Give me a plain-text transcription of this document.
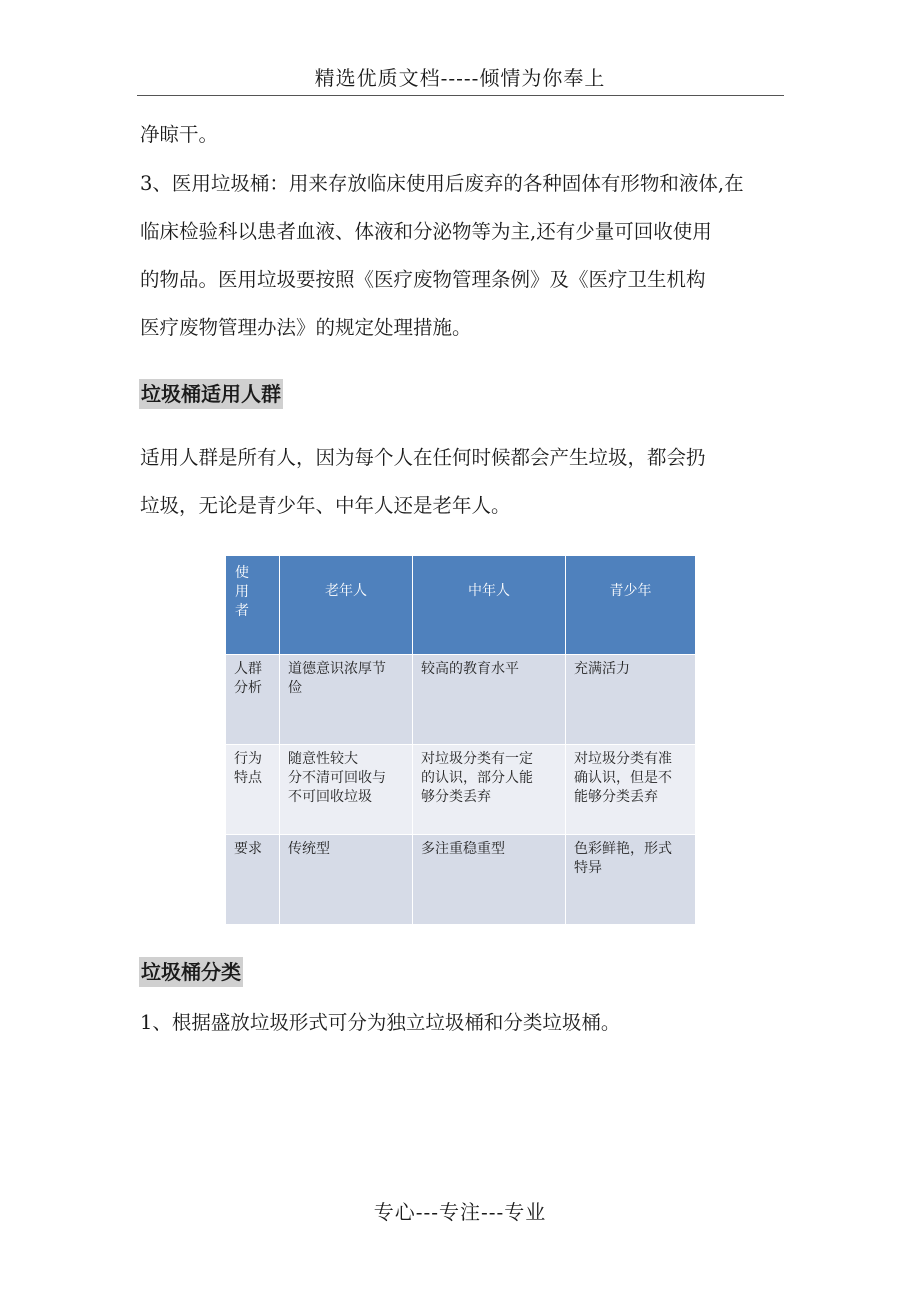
精选优质文档-----倾情为你奉上
净晾干。
3、医用垃圾桶：用来存放临床使用后废弃的各种固体有形物和液体,在
临床检验科以患者血液、体液和分泌物等为主,还有少量可回收使用
的物品。医用垃圾要按照《医疗废物管理条例》及《医疗卫生机构
医疗废物管理办法》的规定处理措施。
垃圾桶适用人群
适用人群是所有人，因为每个人在任何时候都会产生垃圾，都会扔
垃圾，无论是青少年、中年人还是老年人。
使
用
者	老年人	中年人	青少年

人群
分析	道德意识浓厚节
俭	较高的教育水平	充满活力

行为
特点	随意性较大
分不清可回收与
不可回收垃圾	对垃圾分类有一定
的认识，部分人能
够分类丢弃	对垃圾分类有准
确认识，但是不
能够分类丢弃

要求	传统型	多注重稳重型	色彩鲜艳，形式
特异
垃圾桶分类
1、根据盛放垃圾形式可分为独立垃圾桶和分类垃圾桶。
专心---专注---专业
